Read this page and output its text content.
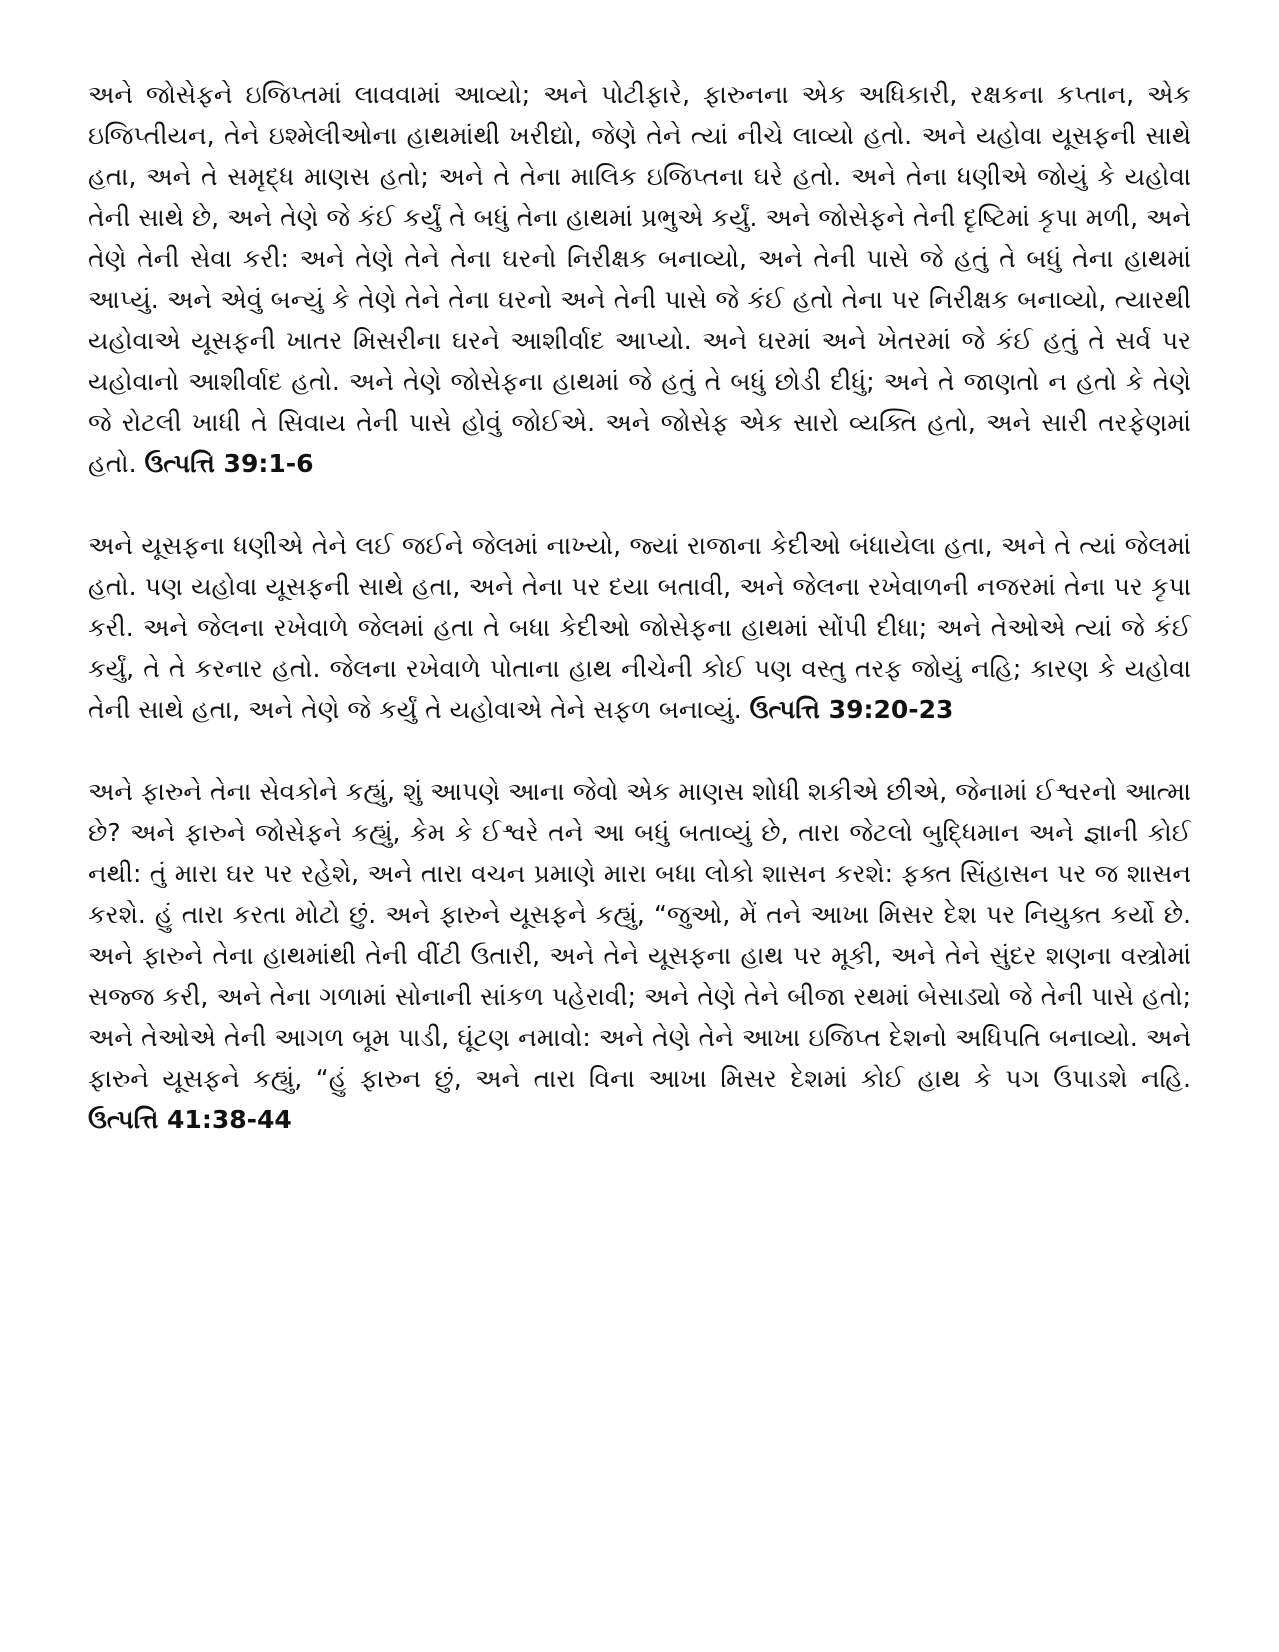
અને જોસેફને ઇજિપ્તમાં લાવવામાં આવ્યો; અને પોટીફારે, ફારુનના એક અધિકારી, રક્ષકના કપ્તાન, એક ઇજિપ્તીયન, તેને ઇશ્મેલીઓના હાથમાંથી ખરીદ્યો, જેણે તેને ત્યાં નીચે લાવ્યો હતો. અને યહોવા યૂસફની સાથે હતા, અને તે સમૃદ્ધ માણસ હતો; અને તે તેના માલિક ઇજિપ્તના ઘરે હતો. અને તેના ધણીએ જોયું કે યહોવા તેની સાથે છે, અને તેણે જે કંઈ કર્યું તે બધું તેના હાથમાં પ્રભુએ કર્યું. અને જોસેફને તેની દૃષ્ટિમાં કૃપા મળી, અને તેણે તેની સેવા કરી: અને તેણે તેને તેના ઘરનો નિરીક્ષક બનાવ્યો, અને તેની પાસે જે હતું તે બધું તેના હાથમાં આપ્યું. અને એવું બન્યું કે તેણે તેને તેના ઘરનો અને તેની પાસે જે કંઈ હતો તેના પર નિરીક્ષક બનાવ્યો, ત્યારથી યહોવાએ યૂસફની ખાતર મિસરીના ઘરને આશીર્વાદ આપ્યો. અને ઘરમાં અને ખેતરમાં જે કંઈ હતું તે સર્વ પર યહોવાનો આશીર્વાદ હતો. અને તેણે જોસેફના હાથમાં જે હતું તે બધું છોડી દીધું; અને તે જાણતો ન હતો કે તેણે જે રોટલી ખાધી તે સિવાય તેની પાસે હોવું જોઈએ. અને જોસેફ એક સારો વ્યક્તિ હતો, અને સારી તરફેણમાં હતો. ઉત્પત્તિ 39:1-6

અને યૂસફના ધણીએ તેને લઈ જઈને જેલમાં નાખ્યો, જ્યાં રાજાના કેદીઓ બંધાયેલા હતા, અને તે ત્યાં જેલમાં હતો. પણ યહોવા યૂસફની સાથે હતા, અને તેના પર દયા બતાવી, અને જેલના રખેવાળની નજરમાં તેના પર કૃપા કરી. અને જેલના રખેવાળે જેલમાં હતા તે બધા કેદીઓ જોસેફના હાથમાં સોંપી દીધા; અને તેઓએ ત્યાં જે કંઈ કર્યું, તે તે કરનાર હતો. જેલના રખેવાળે પોતાના હાથ નીચેની કોઈ પણ વસ્તુ તરફ જોયું નહિ; કારણ કે યહોવા તેની સાથે હતા, અને તેણે જે કર્યું તે યહોવાએ તેને સફળ બનાવ્યું. ઉત્પત્તિ 39:20-23

અને ફારુને તેના સેવકોને કહ્યું, શું આપણે આના જેવો એક માણસ શોધી શકીએ છીએ, જેનામાં ઈશ્વરનો આત્મા છે? અને ફારુને જોસેફને કહ્યું, કેમ કે ઈશ્વરે તને આ બધું બતાવ્યું છે, તારા જેટલો બુદ્ધિમાન અને જ્ઞાની કોઈ નથી: તું મારા ઘર પર રહેશે, અને તારા વચન પ્રમાણે મારા બધા લોકો શાસન કરશે: ફક્ત સિંહાસન પર જ શાસન કરશે. હું તારા કરતા મોટો છું. અને ફારુને યૂસફને કહ્યું, “જુઓ, મેં તને આખા મિસર દેશ પર નિયુક્ત કર્યો છે. અને ફારુને તેના હાથમાંથી તેની વીંટી ઉતારી, અને તેને યૂસફના હાથ પર મૂકી, અને તેને સુંદર શણના વસ્ત્રોમાં સજ્જ કરી, અને તેના ગળામાં સોનાની સાંકળ પહેરાવી; અને તેણે તેને બીજા રથમાં બેસાડ્યો જે તેની પાસે હતો; અને તેઓએ તેની આગળ બૂમ પાડી, ઘૂંટણ નમાવો: અને તેણે તેને આખા ઇજિપ્ત દેશનો અધિપતિ બનાવ્યો. અને ફારુને યૂસફને કહ્યું, “હું ફારુન છું, અને તારા વિના આખા મિસર દેશમાં કોઈ હાથ કે પગ ઉપાડશે નહિ. ઉત્પત્તિ 41:38-44
